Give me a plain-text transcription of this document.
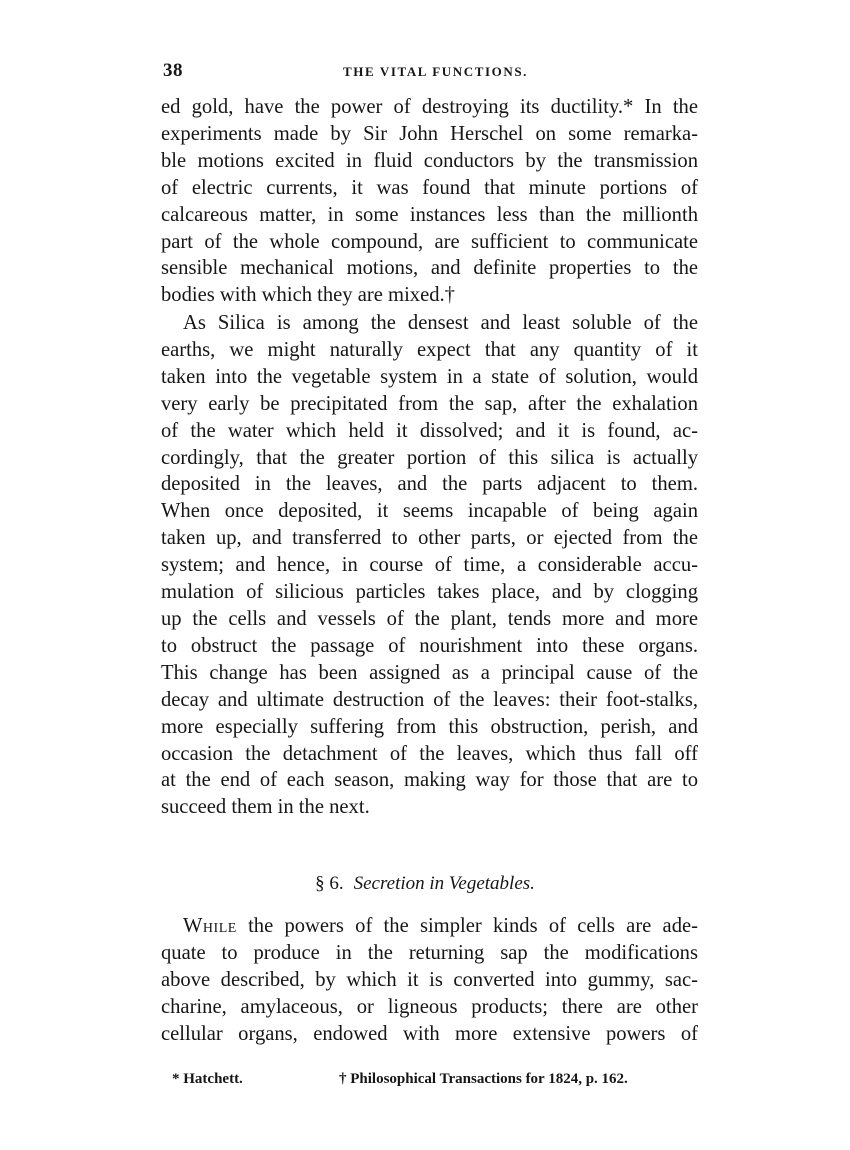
38	THE VITAL FUNCTIONS.
ed gold, have the power of destroying its ductility.* In the
experiments made by Sir John Herschel on some remarka-
ble motions excited in fluid conductors by the transmission
of electric currents, it was found that minute portions of
calcareous matter, in some instances less than the millionth
part of the whole compound, are sufficient to communicate
sensible mechanical motions, and definite properties to the
bodies with which they are mixed.†
As Silica is among the densest and least soluble of the
earths, we might naturally expect that any quantity of it
taken into the vegetable system in a state of solution, would
very early be precipitated from the sap, after the exhalation
of the water which held it dissolved; and it is found, ac-
cordingly, that the greater portion of this silica is actually
deposited in the leaves, and the parts adjacent to them.
When once deposited, it seems incapable of being again
taken up, and transferred to other parts, or ejected from the
system; and hence, in course of time, a considerable accu-
mulation of silicious particles takes place, and by clogging
up the cells and vessels of the plant, tends more and more
to obstruct the passage of nourishment into these organs.
This change has been assigned as a principal cause of the
decay and ultimate destruction of the leaves: their foot-stalks,
more especially suffering from this obstruction, perish, and
occasion the detachment of the leaves, which thus fall off
at the end of each season, making way for those that are to
succeed them in the next.
§ 6. Secretion in Vegetables.
While the powers of the simpler kinds of cells are ade-
quate to produce in the returning sap the modifications
above described, by which it is converted into gummy, sac-
charine, amylaceous, or ligneous products; there are other
cellular organs, endowed with more extensive powers of
* Hatchett.	† Philosophical Transactions for 1824, p. 162.
